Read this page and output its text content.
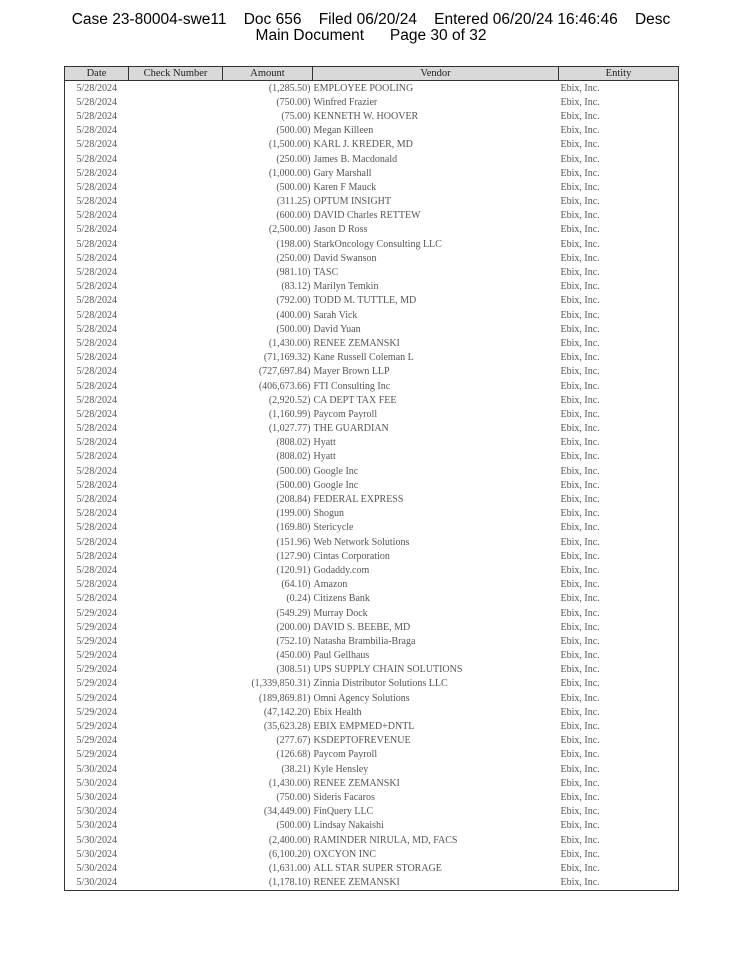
Case 23-80004-swe11    Doc 656    Filed 06/20/24    Entered 06/20/24 16:46:46    Desc
Main Document      Page 30 of 32
Date	Check Number	Amount	Vendor	Entity
5/28/2024		(1,285.50)	EMPLOYEE POOLING	Ebix, Inc.
5/28/2024		(750.00)	Winfred Frazier	Ebix, Inc.
5/28/2024		(75.00)	KENNETH W. HOOVER	Ebix, Inc.
5/28/2024		(500.00)	Megan Killeen	Ebix, Inc.
5/28/2024		(1,500.00)	KARL J. KREDER, MD	Ebix, Inc.
5/28/2024		(250.00)	James B. Macdonald	Ebix, Inc.
5/28/2024		(1,000.00)	Gary Marshall	Ebix, Inc.
5/28/2024		(500.00)	Karen F Mauck	Ebix, Inc.
5/28/2024		(311.25)	OPTUM INSIGHT	Ebix, Inc.
5/28/2024		(600.00)	DAVID Charles RETTEW	Ebix, Inc.
5/28/2024		(2,500.00)	Jason D Ross	Ebix, Inc.
5/28/2024		(198.00)	StarkOncology Consulting LLC	Ebix, Inc.
5/28/2024		(250.00)	David Swanson	Ebix, Inc.
5/28/2024		(981.10)	TASC	Ebix, Inc.
5/28/2024		(83.12)	Marilyn Temkin	Ebix, Inc.
5/28/2024		(792.00)	TODD M. TUTTLE, MD	Ebix, Inc.
5/28/2024		(400.00)	Sarah Vick	Ebix, Inc.
5/28/2024		(500.00)	David Yuan	Ebix, Inc.
5/28/2024		(1,430.00)	RENEE ZEMANSKI	Ebix, Inc.
5/28/2024		(71,169.32)	Kane Russell Coleman L	Ebix, Inc.
5/28/2024		(727,697.84)	Mayer Brown LLP	Ebix, Inc.
5/28/2024		(406,673.66)	FTI Consulting Inc	Ebix, Inc.
5/28/2024		(2,920.52)	CA DEPT TAX FEE	Ebix, Inc.
5/28/2024		(1,160.99)	Paycom Payroll	Ebix, Inc.
5/28/2024		(1,027.77)	THE GUARDIAN	Ebix, Inc.
5/28/2024		(808.02)	Hyatt	Ebix, Inc.
5/28/2024		(808.02)	Hyatt	Ebix, Inc.
5/28/2024		(500.00)	Google Inc	Ebix, Inc.
5/28/2024		(500.00)	Google Inc	Ebix, Inc.
5/28/2024		(208.84)	FEDERAL EXPRESS	Ebix, Inc.
5/28/2024		(199.00)	Shogun	Ebix, Inc.
5/28/2024		(169.80)	Stericycle	Ebix, Inc.
5/28/2024		(151.96)	Web Network Solutions	Ebix, Inc.
5/28/2024		(127.90)	Cintas Corporation	Ebix, Inc.
5/28/2024		(120.91)	Godaddy.com	Ebix, Inc.
5/28/2024		(64.10)	Amazon	Ebix, Inc.
5/28/2024		(0.24)	Citizens Bank	Ebix, Inc.
5/29/2024		(549.29)	Murray Dock	Ebix, Inc.
5/29/2024		(200.00)	DAVID S. BEEBE, MD	Ebix, Inc.
5/29/2024		(752.10)	Natasha Brambilia-Braga	Ebix, Inc.
5/29/2024		(450.00)	Paul Gellhaus	Ebix, Inc.
5/29/2024		(308.51)	UPS SUPPLY CHAIN SOLUTIONS	Ebix, Inc.
5/29/2024		(1,339,850.31)	Zinnia Distributor Solutions LLC	Ebix, Inc.
5/29/2024		(189,869.81)	Omni Agency Solutions	Ebix, Inc.
5/29/2024		(47,142.20)	Ebix Health	Ebix, Inc.
5/29/2024		(35,623.28)	EBIX EMPMED+DNTL	Ebix, Inc.
5/29/2024		(277.67)	KSDEPTOFREVENUE	Ebix, Inc.
5/29/2024		(126.68)	Paycom Payroll	Ebix, Inc.
5/30/2024		(38.21)	Kyle Hensley	Ebix, Inc.
5/30/2024		(1,430.00)	RENEE ZEMANSKI	Ebix, Inc.
5/30/2024		(750.00)	Sideris Facaros	Ebix, Inc.
5/30/2024		(34,449.00)	FinQuery LLC	Ebix, Inc.
5/30/2024		(500.00)	Lindsay Nakaishi	Ebix, Inc.
5/30/2024		(2,400.00)	RAMINDER NIRULA, MD, FACS	Ebix, Inc.
5/30/2024		(6,100.20)	OXCYON INC	Ebix, Inc.
5/30/2024		(1,631.00)	ALL STAR SUPER STORAGE	Ebix, Inc.
5/30/2024		(1,178.10)	RENEE ZEMANSKI	Ebix, Inc.
